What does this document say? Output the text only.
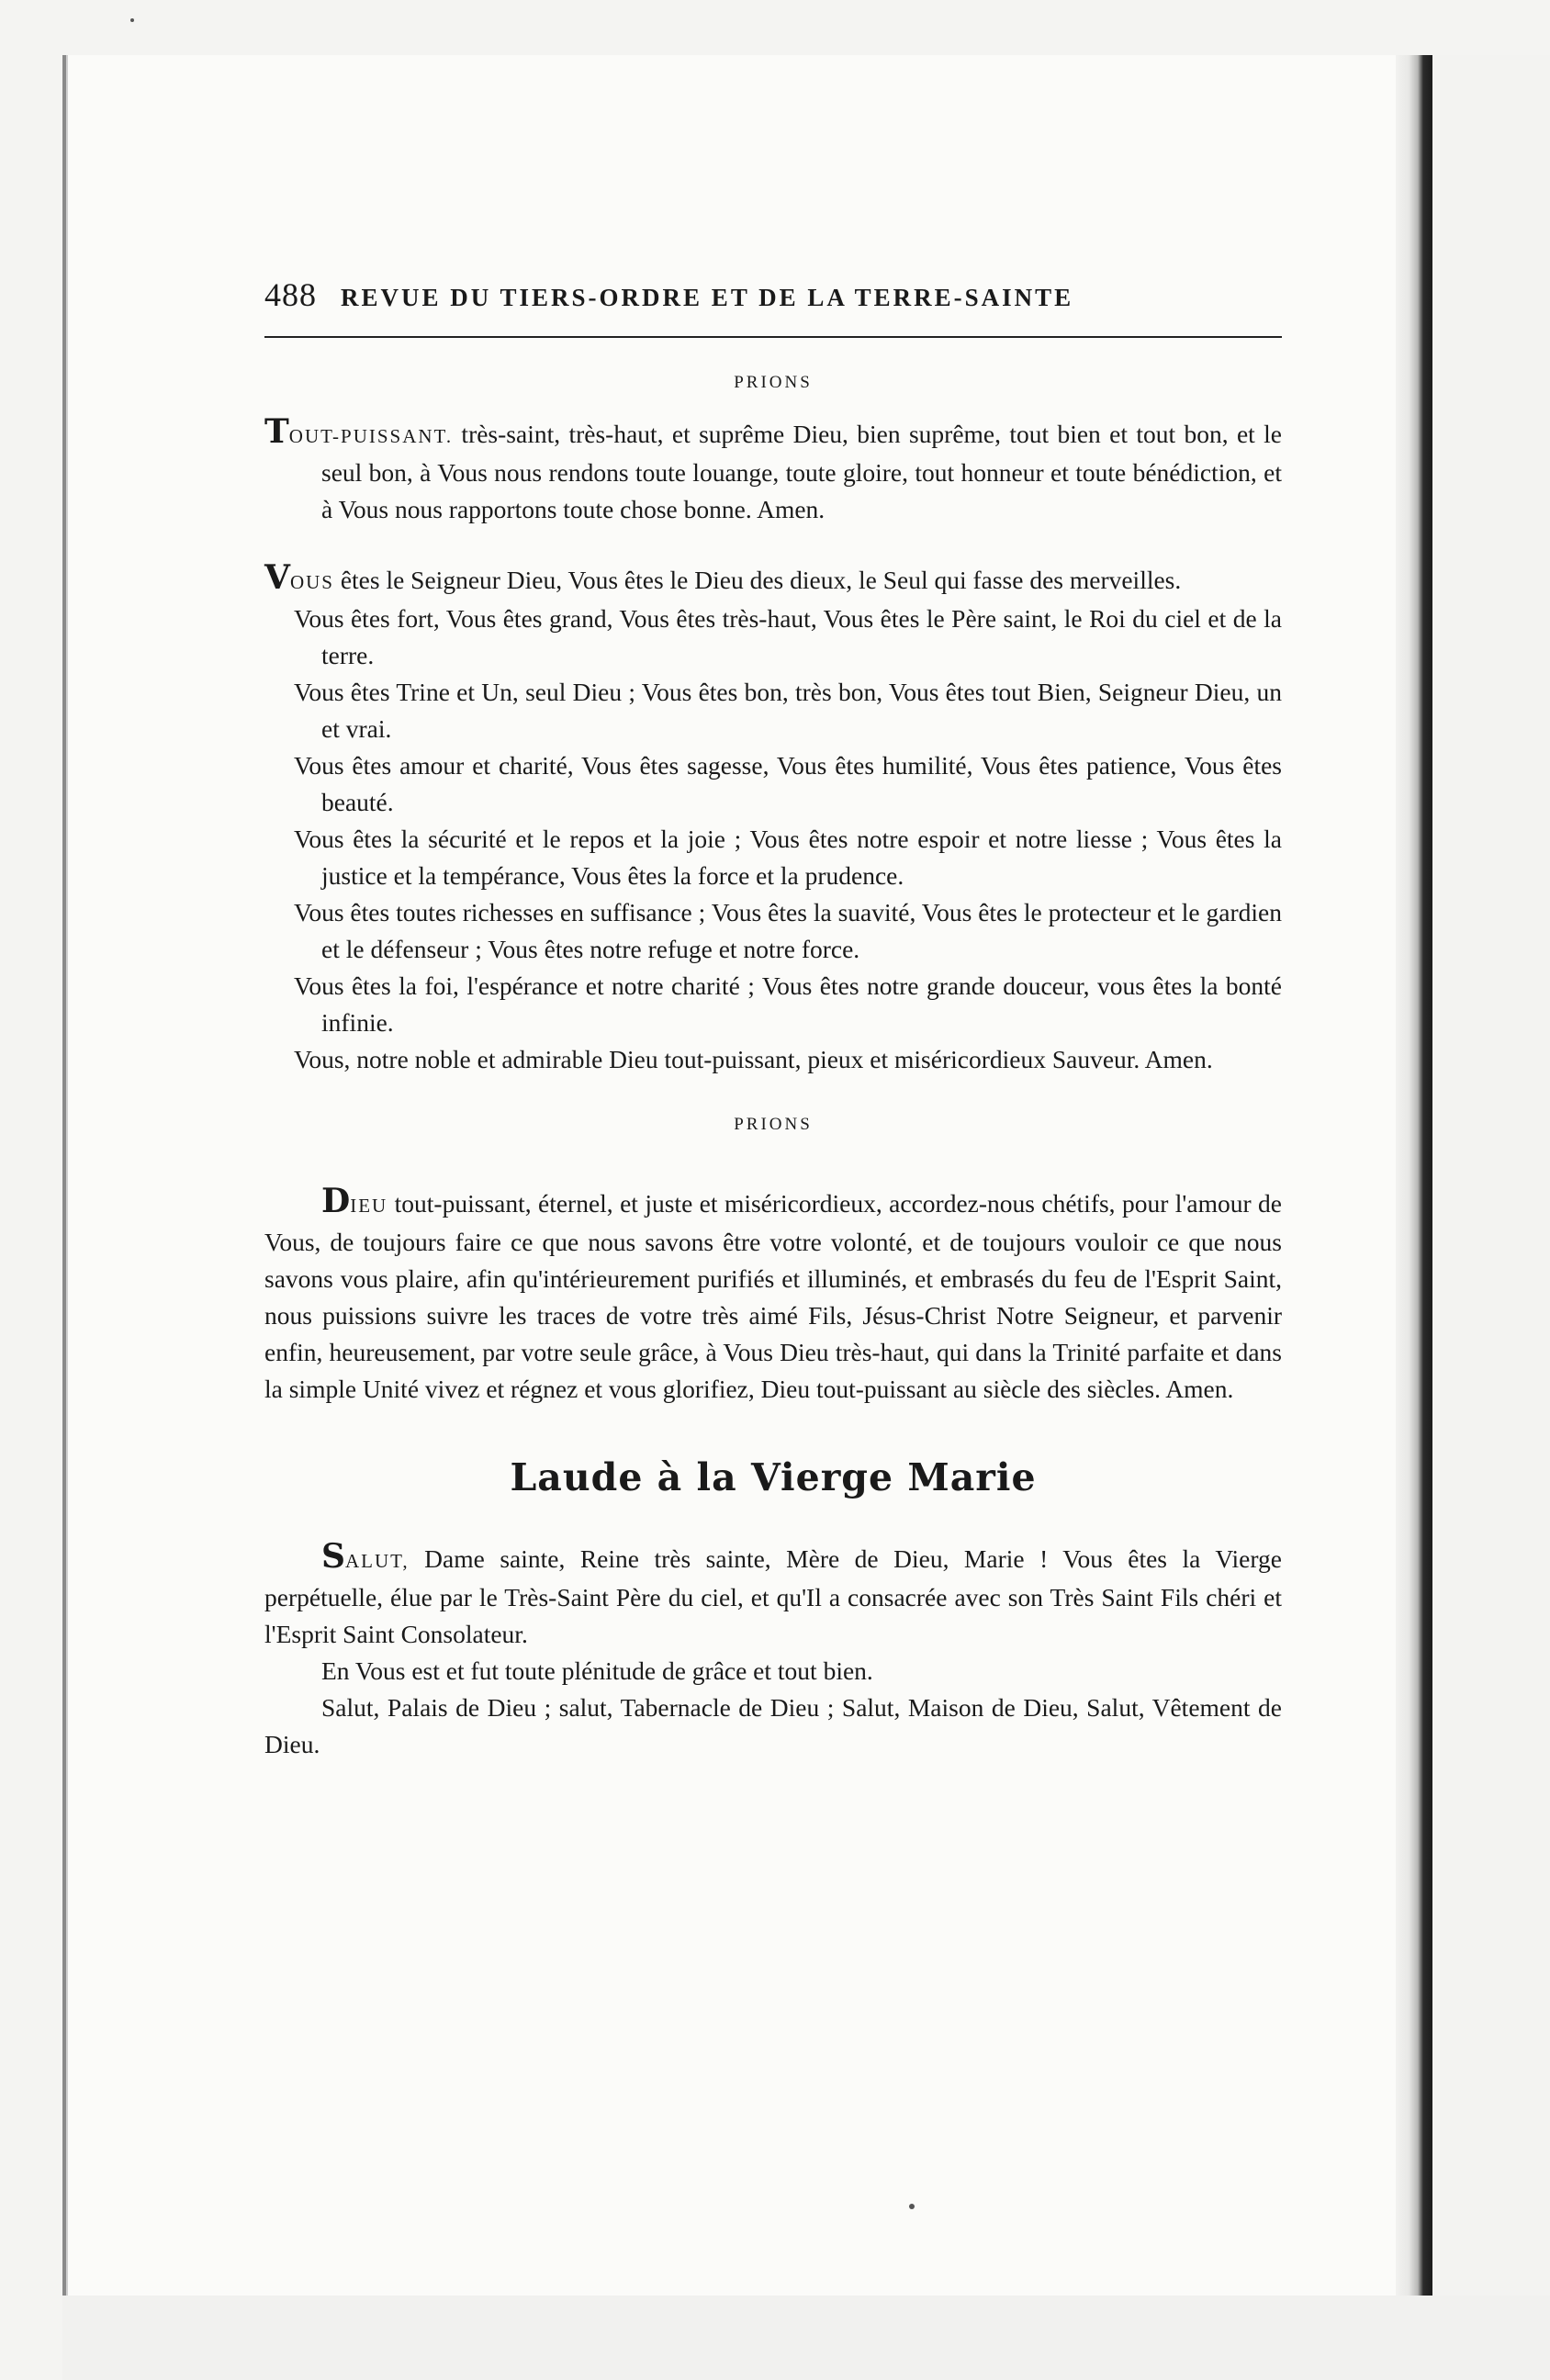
488 REVUE DU TIERS-ORDRE ET DE LA TERRE-SAINTE
PRIONS

TOUT-PUISSANT. très-saint, très-haut, et suprême Dieu, bien suprême, tout bien et tout bon, et le seul bon, à Vous nous rendons toute louange, toute gloire, tout honneur et toute bénédiction, et à Vous nous rapportons toute chose bonne. Amen.

VOUS êtes le Seigneur Dieu, Vous êtes le Dieu des dieux, le Seul qui fasse des merveilles.

Vous êtes fort, Vous êtes grand, Vous êtes très-haut, Vous êtes le Père saint, le Roi du ciel et de la terre.

Vous êtes Trine et Un, seul Dieu ; Vous êtes bon, très bon, Vous êtes tout Bien, Seigneur Dieu, un et vrai.

Vous êtes amour et charité, Vous êtes sagesse, Vous êtes humilité, Vous êtes patience, Vous êtes beauté.

Vous êtes la sécurité et le repos et la joie ; Vous êtes notre espoir et notre liesse ; Vous êtes la justice et la tempérance, Vous êtes la force et la prudence.

Vous êtes toutes richesses en suffisance ; Vous êtes la suavité, Vous êtes le protecteur et le gardien et le défenseur ; Vous êtes notre refuge et notre force.

Vous êtes la foi, l'espérance et notre charité ; Vous êtes notre grande douceur, vous êtes la bonté infinie.

Vous, notre noble et admirable Dieu tout-puissant, pieux et miséricordieux Sauveur. Amen.

PRIONS

DIEU tout-puissant, éternel, et juste et miséricordieux, accordez-nous chétifs, pour l'amour de Vous, de toujours faire ce que nous savons être votre volonté, et de toujours vouloir ce que nous savons vous plaire, afin qu'intérieurement purifiés et illuminés, et embrasés du feu de l'Esprit Saint, nous puissions suivre les traces de votre très aimé Fils, Jésus-Christ Notre Seigneur, et parvenir enfin, heureusement, par votre seule grâce, à Vous Dieu très-haut, qui dans la Trinité parfaite et dans la simple Unité vivez et régnez et vous glorifiez, Dieu tout-puissant au siècle des siècles. Amen.

Laude à la Vierge Marie

SALUT, Dame sainte, Reine très sainte, Mère de Dieu, Marie ! Vous êtes la Vierge perpétuelle, élue par le Très-Saint Père du ciel, et qu'Il a consacrée avec son Très Saint Fils chéri et l'Esprit Saint Consolateur.

En Vous est et fut toute plénitude de grâce et tout bien.

Salut, Palais de Dieu ; salut, Tabernacle de Dieu ; Salut, Maison de Dieu, Salut, Vêtement de Dieu.
